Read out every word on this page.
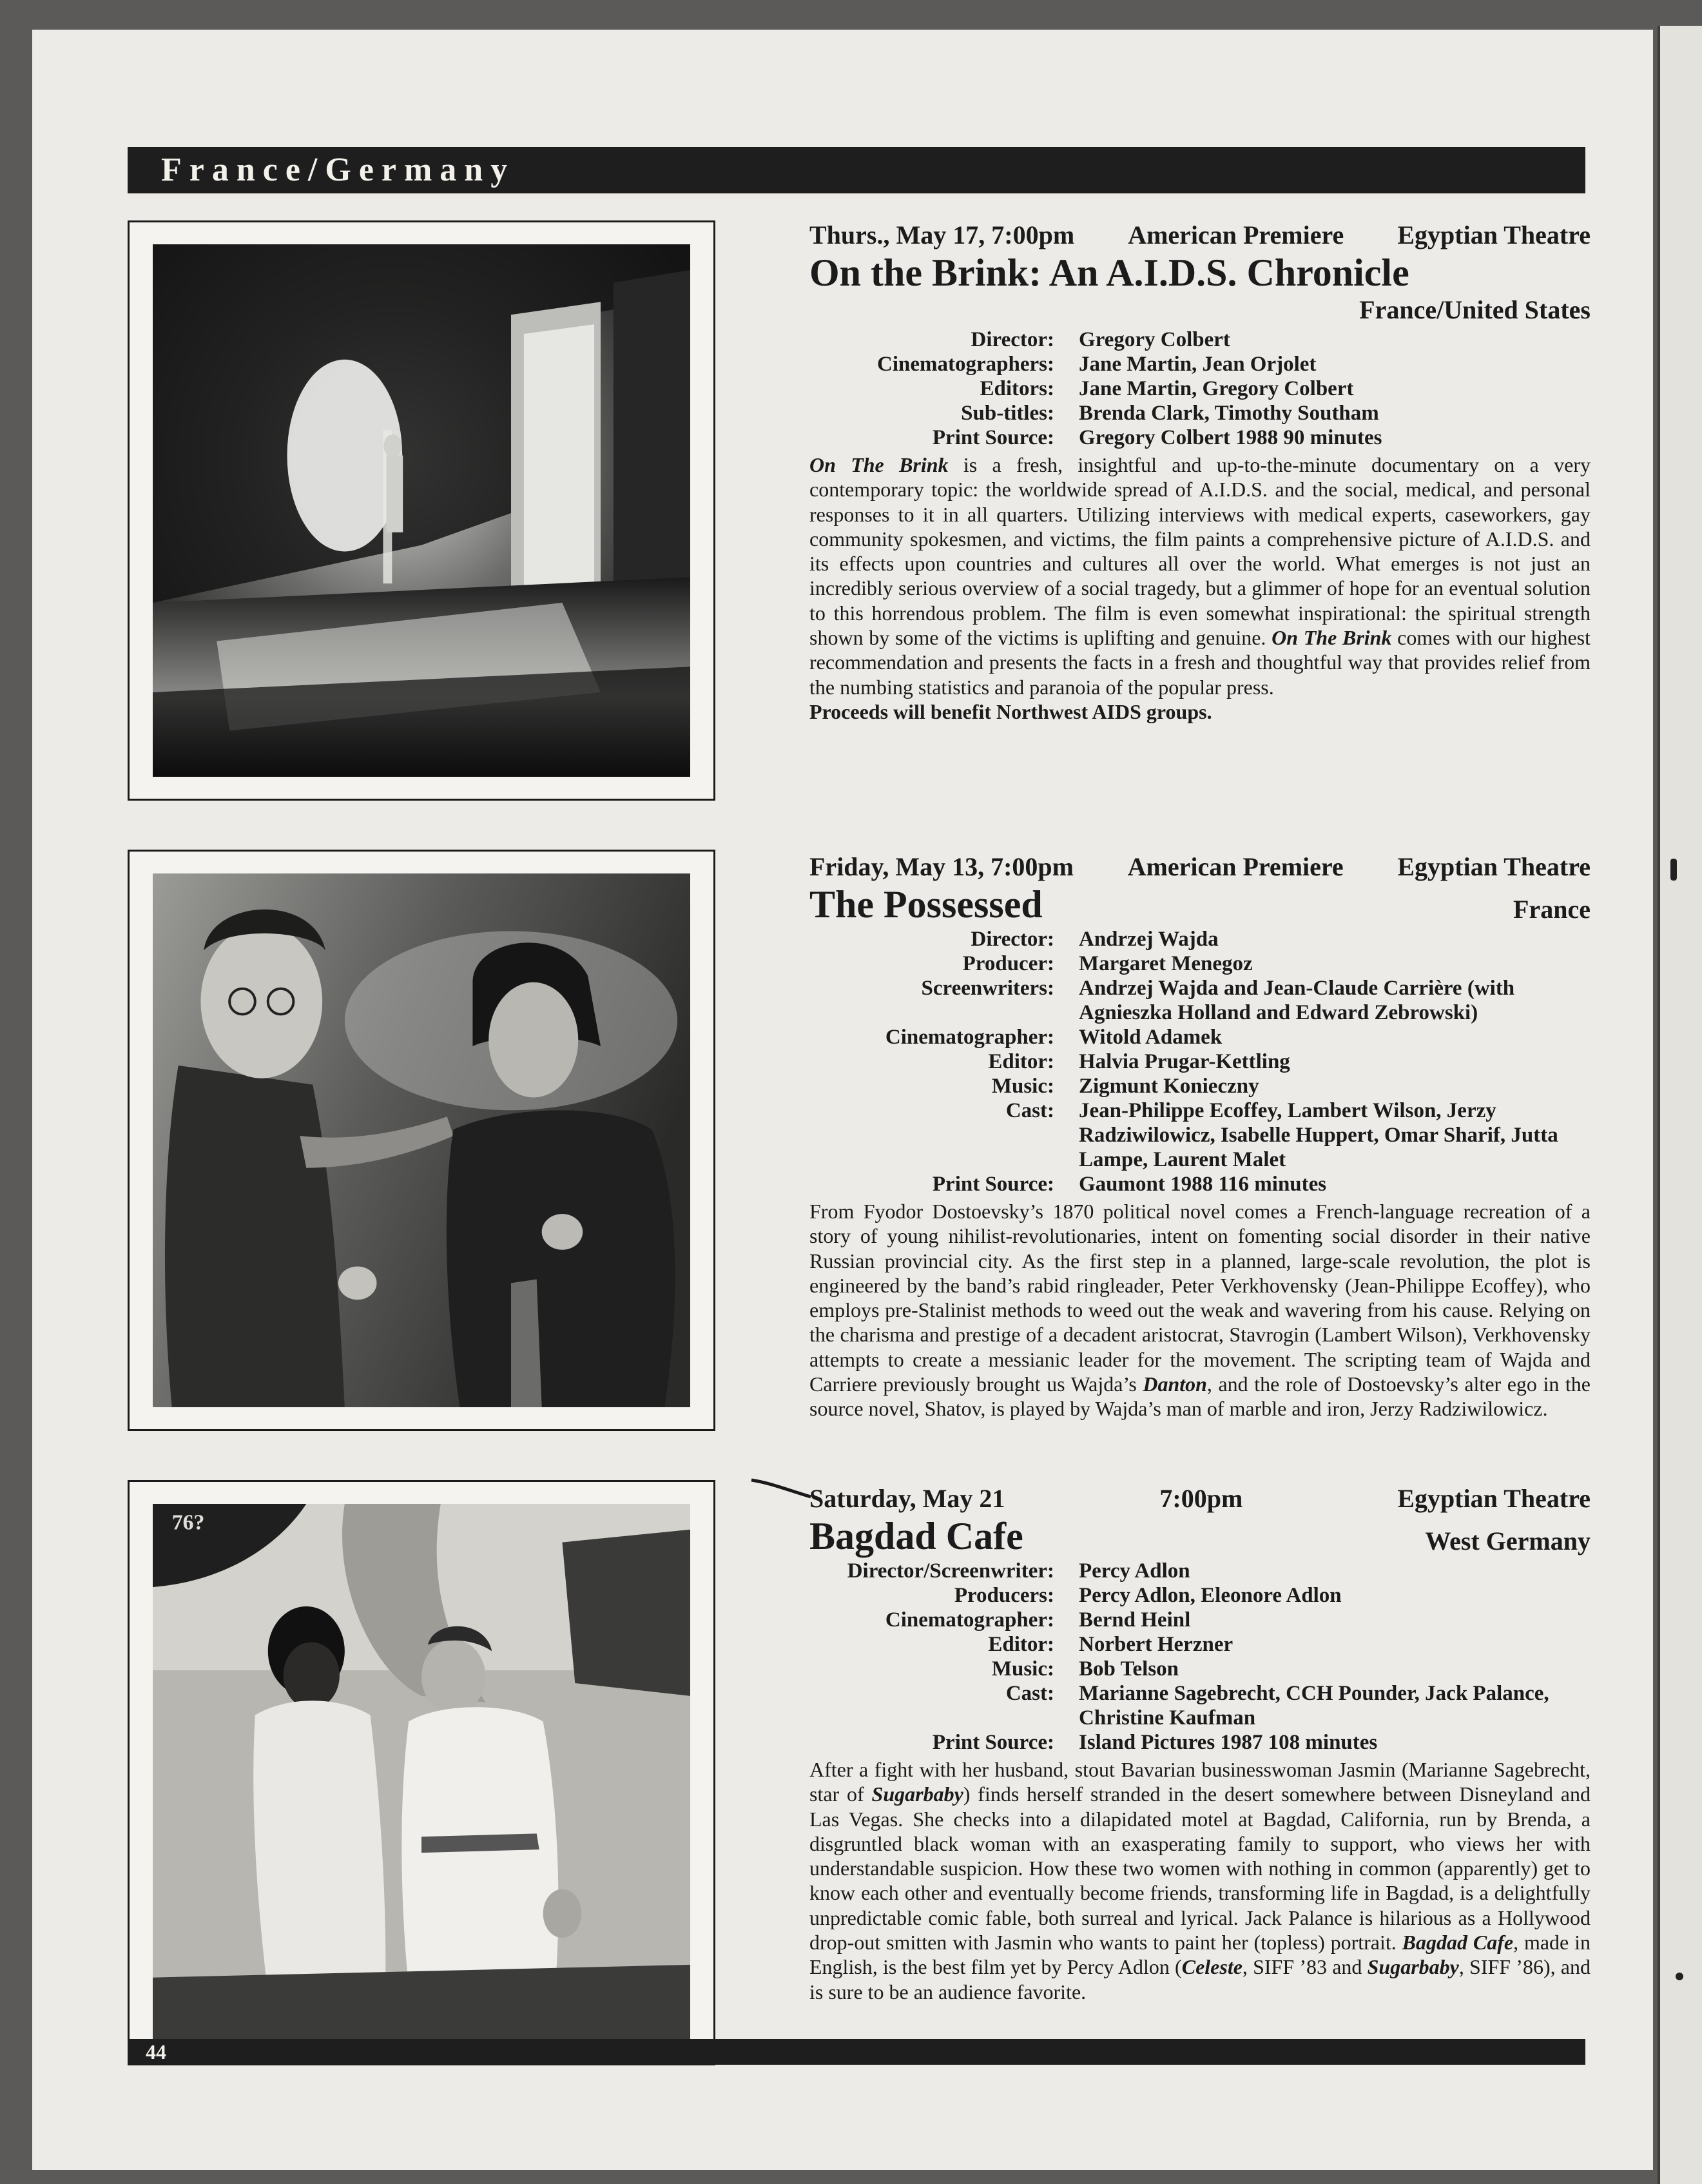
France/Germany
76?
Thurs., May 17, 7:00pm American Premiere Egyptian Theatre
On the Brink: An A.I.D.S. Chronicle
France/United States
Director:	Gregory Colbert
Cinematographers:	Jane Martin, Jean Orjolet
Editors:	Jane Martin, Gregory Colbert
Sub-titles:	Brenda Clark, Timothy Southam
Print Source:	Gregory Colbert 1988 90 minutes

On The Brink is a fresh, insightful and up-to-the-minute documentary on a very contemporary topic: the worldwide spread of A.I.D.S. and the social, medical, and personal responses to it in all quarters. Utilizing interviews with medical experts, caseworkers, gay community spokesmen, and victims, the film paints a comprehensive picture of A.I.D.S. and its effects upon countries and cultures all over the world. What emerges is not just an incredibly serious overview of a social tragedy, but a glimmer of hope for an eventual solution to this horrendous problem. The film is even somewhat inspirational: the spiritual strength shown by some of the victims is uplifting and genuine. On The Brink comes with our highest recommendation and presents the facts in a fresh and thoughtful way that provides relief from the numbing statistics and paranoia of the popular press.

Proceeds will benefit Northwest AIDS groups.
Friday, May 13, 7:00pm American Premiere Egyptian Theatre
The Possessed	France
Director:	Andrzej Wajda
Producer:	Margaret Menegoz
Screenwriters:	Andrzej Wajda and Jean-Claude Carrière (with Agnieszka Holland and Edward Zebrowski)
Cinematographer:	Witold Adamek
Editor:	Halvia Prugar-Kettling
Music:	Zigmunt Konieczny
Cast:	Jean-Philippe Ecoffey, Lambert Wilson, Jerzy Radziwilowicz, Isabelle Huppert, Omar Sharif, Jutta Lampe, Laurent Malet
Print Source:	Gaumont 1988 116 minutes

From Fyodor Dostoevsky’s 1870 political novel comes a French-language recreation of a story of young nihilist-revolutionaries, intent on fomenting social disorder in their native Russian provincial city. As the first step in a planned, large-scale revolution, the plot is engineered by the band’s rabid ringleader, Peter Verkhovensky (Jean-Philippe Ecoffey), who employs pre-Stalinist methods to weed out the weak and wavering from his cause. Relying on the charisma and prestige of a decadent aristocrat, Stavrogin (Lambert Wilson), Verkhovensky attempts to create a messianic leader for the movement. The scripting team of Wajda and Carriere previously brought us Wajda’s Danton, and the role of Dostoevsky’s alter ego in the source novel, Shatov, is played by Wajda’s man of marble and iron, Jerzy Radziwilowicz.

Saturday, May 21	7:00pm	Egyptian Theatre
Bagdad Cafe	West Germany
Director/Screenwriter:	Percy Adlon
Producers:	Percy Adlon, Eleonore Adlon
Cinematographer:	Bernd Heinl
Editor:	Norbert Herzner
Music:	Bob Telson
Cast:	Marianne Sagebrecht, CCH Pounder, Jack Palance, Christine Kaufman
Print Source:	Island Pictures 1987 108 minutes

After a fight with her husband, stout Bavarian businesswoman Jasmin (Marianne Sagebrecht, star of Sugarbaby) finds herself stranded in the desert somewhere between Disneyland and Las Vegas. She checks into a dilapidated motel at Bagdad, California, run by Brenda, a disgruntled black woman with an exasperating family to support, who views her with understandable suspicion. How these two women with nothing in common (apparently) get to know each other and eventually become friends, transforming life in Bagdad, is a delightfully unpredictable comic fable, both surreal and lyrical. Jack Palance is hilarious as a Hollywood drop-out smitten with Jasmin who wants to paint her (topless) portrait. Bagdad Cafe, made in English, is the best film yet by Percy Adlon (Celeste, SIFF ’83 and Sugarbaby, SIFF ’86), and is sure to be an audience favorite.

44
